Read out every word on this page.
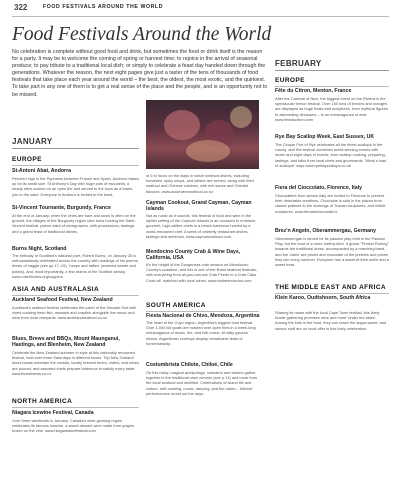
322	FOOD FESTIVALS AROUND THE WORLD
Food Festivals Around the World

No celebration is complete without good food and drink, but sometimes the food or drink itself is the reason for a party. It may be to welcome the coming of spring or harvest time; to rejoice in the arrival of seasonal produce; to pay tribute to a traditional local dish; or simply to celebrate a feast day handed down through the generations. Whatever the reason, the next eight pages give just a taster of the tens of thousands of food festivals that take place each year around the world – the best, the oldest, the most exotic, and the quirkiest. To take part in any one of them is to get a real sense of the place and the people, and is an opportunity not to be missed.

JANUARY
EUROPE
St-Antoni Abat, Andorra

Perched high in the Pyrenees between France and Spain, Andorra makes up for its small size. St Anthony's Day with huge pots of escudella, a hearty stew cooked on an open fire and served to the town as a thank-you to the saint. Everyone in Andorra is invited to the feast.

St-Vincent Tournante, Burgundy, France

At the end of January, when the vines are bare and snow is often on the ground, the villages of the Burgundy region take turns hosting the Saint-Vincent festival, patron saint of winegrowers, with processions, tastings and a grand feast of traditional dishes.

Burns Night, Scotland

The birthday of Scotland's national poet, Robert Burns, on January 25 is enthusiastically celebrated across the country with readings of his poems, drinks of haggis (see pp.17–19), 'neeps and tatties' (mashed swede and potato), and, most importantly, a few drams of the Scottish whisky. www.robertburns.org/suppers

ASIA AND AUSTRALASIA
Auckland Seafood Festival, New Zealand

Auckland's seafood festival celebrates the catch of the Hauraki Gulf with chefs cooking fresh fish, mussels and crayfish alongside live music and wine from local vineyards. www.aucklandseafood.co.nz

Blues, Brews and BBQs, Mount Maunganui, Hastings, and Blenheim, New Zealand

Celebrate the New Zealand summer in style at this nationally renowned festival, held over three Saturdays in different towns. Top New Zealand blues bands entertain the crowds, locally brewed beers, ciders, and wines are poured, and assorted chefs prepare barbecue to satisfy every taste. www.bluesbrews.co.nz

NORTH AMERICA
Niagara Icewine Festival, Canada

Over three weekends in January, Canada's wine-growing region celebrates its famous Icewine, a sweet dessert wine made from grapes frozen on the vine. www.niagarawinefestival.com

of 6 to focus on the ways in which seafood dishes, including tomatoes, spicy soups, and lobster are served, along with fried seafood and Chinese cuisines, with rich sauce and Oriental flavours. www.auckrwineandfood.co.nz

Cayman Cookout, Grand Cayman, Cayman Islands

Not as rustic as it sounds, this festival of food and wine in the stylish setting of the Cayman Islands is an occasion to embrace gourmet, high-calibre chefs in a beach barbecue hosted by a world-renowned chef. A week of celebrity restaurant dishes, tastings and seminars. www.caymancookout.com

Mendocino County Crab & Wine Days, California, USA

It's the height of the Dungeness crab season on Mendocino County's coastline, and this is one of the finest seafood festivals, with everything from all-you-can-eat Crab Feeds to a Crab Cake Cook-off, matched with local wines. www.visitmendocino.com

SOUTH AMERICA
Fiesta Nacional de Chivo, Mendoza, Argentina

The heart of the Cuyo region, Argentina's biggest food festival. Over 1,000 kid goats are roasted over open fires in a week-long extravaganza of music, fire, and folk music. At daily gaucho shows, Argentinian cowboys display remarkable feats of horsemanship.

Costumbrista Chilote, Chiloé, Chile

On this misty, magical archipelago, islanders and visitors gather together in the traditional clam curanto (see p.14) and more from the local seafood and shellfish. Celebrations of island life and culture, with cooking, music, dancing, and the rodeo – folklore performances round out the days.

FEBRUARY
EUROPE
Fête du Citron, Menton, France

After the Carnival of Nice, the biggest event on the Riviera is the spectacular lemon festival. Over 150 tons of lemons and oranges are displayed as huge floats and sculptures, from mythical figures to astounding dinosaurs – to an extravaganza of zest. www.feteducitron.com

Rye Bay Scallop Week, East Sussex, UK

The Cinque Port of Rye celebrates all the finest scallops in the county, and this festival combines world-winning events with music and eight days of events, from scallop cooking, preparing, tastings, and talks from local chefs and gourmands. 'What a load of scallops!' says www.ryebayscallops.co.uk

Fiera del Cioccolato, Florence, Italy

Chocolatiers from across Italy are invited to Florence to present their delectable creations. Chocolate is sold in the piazza from classic pralines to the shavings of Tuscan sculptures, and edible sculptures. www.fieradelcioccolato.it

Brez'n Angeln, Oberammergau, Germany

Oberammergau is famed for its passion play held in the Passion Play, but the food of a more earthly kind. It grows "Pretzel Fishing" towards the traditional dress, accompanied by a marching band, and the 'catch' are prizes and chocolate of the pretzels and prizes they win every summer. Everyone has a sweet-lit their smile and a sweet treat.

THE MIDDLE EAST AND AFRICA
Klein Karoo, Oudtshoorn, South Africa

Sharing its name with the local Cape Town festival, this lively foodie gathering promises wine and more 'under the skies'. Among the kids in the food, they can reach the sugar-sweet, and savour stuff are on local offer in this lively celebration.
